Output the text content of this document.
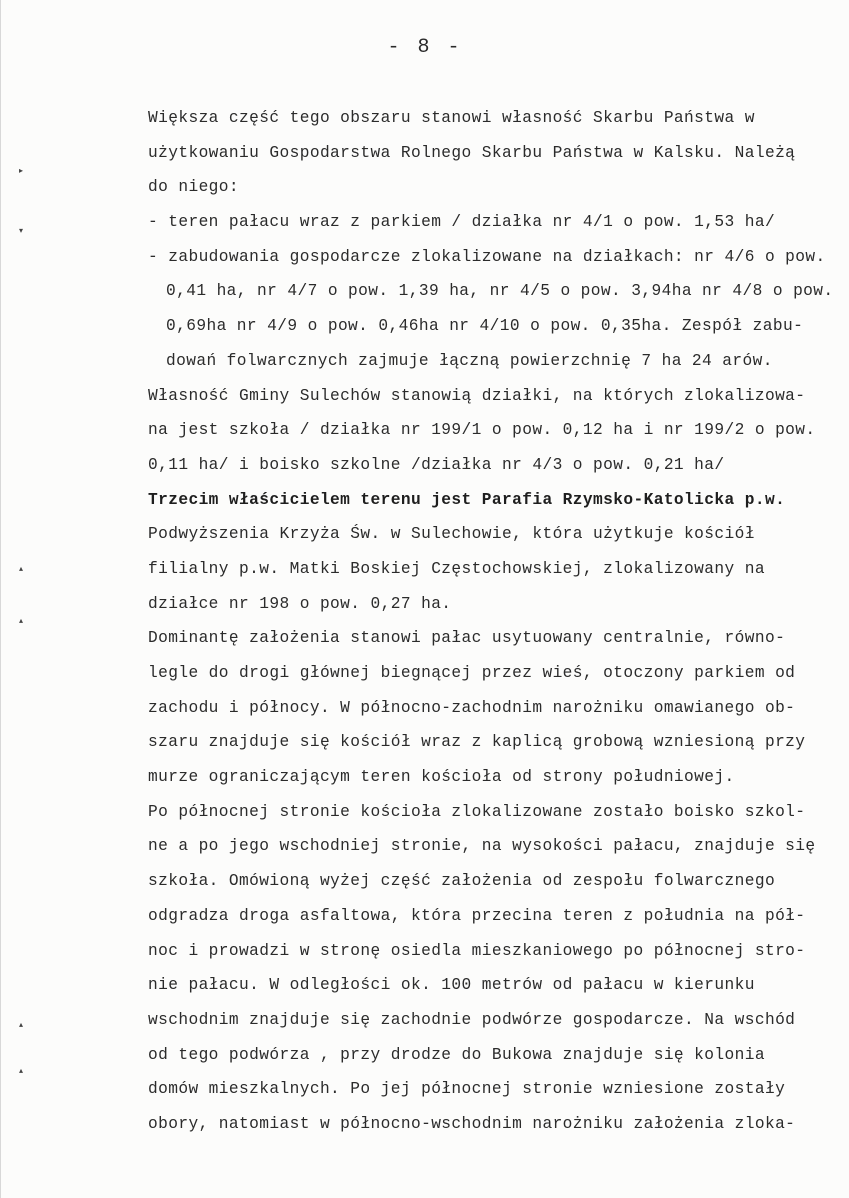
- 8 -
▸
▾
▴
▴
▴
▴
Większa część tego obszaru stanowi własność Skarbu Państwa w
użytkowaniu Gospodarstwa Rolnego Skarbu Państwa w Kalsku. Należą
do niego:
- teren pałacu wraz z parkiem / działka nr 4/1 o pow. 1,53 ha/
- zabudowania gospodarcze zlokalizowane na działkach: nr 4/6 o pow.
0,41 ha, nr 4/7 o pow. 1,39 ha, nr 4/5 o pow. 3,94ha nr 4/8 o pow.
0,69ha nr 4/9 o pow. 0,46ha nr 4/10 o pow. 0,35ha. Zespół zabu-
dowań folwarcznych zajmuje łączną powierzchnię 7 ha 24 arów.
Własność Gminy Sulechów stanowią działki, na których zlokalizowa-
na jest szkoła / działka nr 199/1 o pow. 0,12 ha i nr 199/2 o pow.
0,11 ha/ i boisko szkolne /działka nr 4/3 o pow. 0,21 ha/
Trzecim właścicielem terenu jest Parafia Rzymsko-Katolicka p.w.
Podwyższenia Krzyża Św. w Sulechowie, która użytkuje kościół
filialny p.w. Matki Boskiej Częstochowskiej, zlokalizowany na
działce nr 198 o pow. 0,27 ha.
Dominantę założenia stanowi pałac usytuowany centralnie, równo-
legle do drogi głównej biegnącej przez wieś, otoczony parkiem od
zachodu i północy. W północno-zachodnim narożniku omawianego ob-
szaru znajduje się kościół wraz z kaplicą grobową wzniesioną przy
murze ograniczającym teren kościoła od strony południowej.
Po północnej stronie kościoła zlokalizowane zostało boisko szkol-
ne a po jego wschodniej stronie, na wysokości pałacu, znajduje się
szkoła. Omówioną wyżej część założenia od zespołu folwarcznego
odgradza droga asfaltowa, która przecina teren z południa na pół-
noc i prowadzi w stronę osiedla mieszkaniowego po północnej stro-
nie pałacu. W odległości ok. 100 metrów od pałacu w kierunku
wschodnim znajduje się zachodnie podwórze gospodarcze. Na wschód
od tego podwórza , przy drodze do Bukowa znajduje się kolonia
domów mieszkalnych. Po jej północnej stronie wzniesione zostały
obory, natomiast w północno-wschodnim narożniku założenia zloka-
